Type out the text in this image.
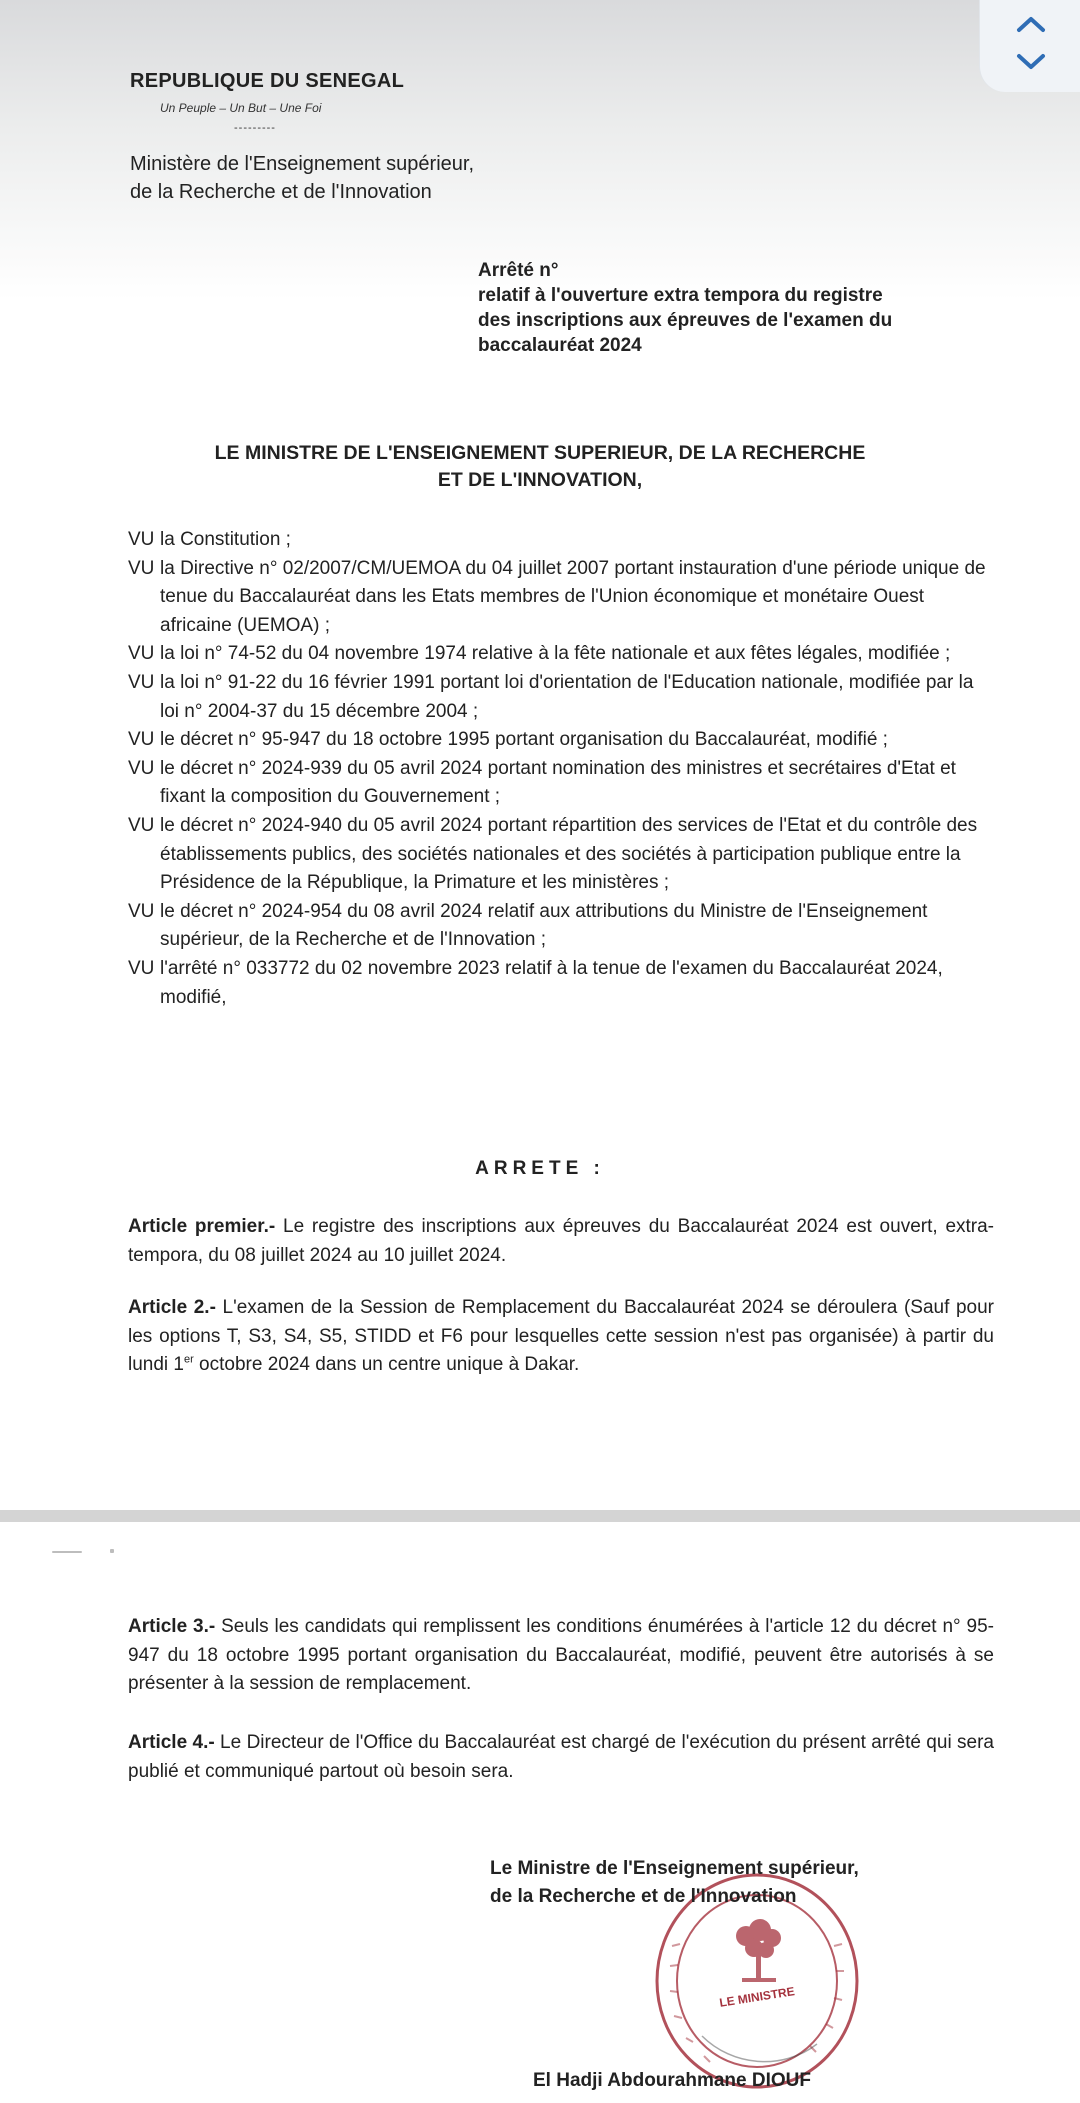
REPUBLIQUE DU SENEGAL
Un Peuple – Un But – Une Foi
---------
Ministère de l'Enseignement supérieur,
de la Recherche et de l'Innovation
Arrêté n°
relatif à l'ouverture extra tempora du registre
des inscriptions aux épreuves de l'examen du
baccalauréat 2024
LE MINISTRE DE L'ENSEIGNEMENT SUPERIEUR, DE LA RECHERCHE
ET DE L'INNOVATION,
VU la Constitution ;
VU la Directive n° 02/2007/CM/UEMOA du 04 juillet 2007 portant instauration d'une période unique de tenue du Baccalauréat dans les Etats membres de l'Union économique et monétaire Ouest africaine (UEMOA) ;
VU la loi n° 74-52 du 04 novembre 1974 relative à la fête nationale et aux fêtes légales, modifiée ;
VU la loi n° 91-22 du 16 février 1991 portant loi d'orientation de l'Education nationale, modifiée par la loi n° 2004-37 du 15 décembre 2004 ;
VU le décret n° 95-947 du 18 octobre 1995 portant organisation du Baccalauréat, modifié ;
VU le décret n° 2024-939 du 05 avril 2024 portant nomination des ministres et secrétaires d'Etat et fixant la composition du Gouvernement ;
VU le décret n° 2024-940 du 05 avril 2024 portant répartition des services de l'Etat et du contrôle des établissements publics, des sociétés nationales et des sociétés à participation publique entre la Présidence de la République, la Primature et les ministères ;
VU le décret n° 2024-954 du 08 avril 2024 relatif aux attributions du Ministre de l'Enseignement supérieur, de la Recherche et de l'Innovation ;
VU l'arrêté n° 033772 du 02 novembre 2023 relatif à la tenue de l'examen du Baccalauréat 2024, modifié,
ARRETE :
Article premier.- Le registre des inscriptions aux épreuves du Baccalauréat 2024 est ouvert, extra-tempora, du 08 juillet 2024 au 10 juillet 2024.
Article 2.- L'examen de la Session de Remplacement du Baccalauréat 2024 se déroulera (Sauf pour les options T, S3, S4, S5, STIDD et F6 pour lesquelles cette session n'est pas organisée) à partir du lundi 1er octobre 2024 dans un centre unique à Dakar.
Article 3.- Seuls les candidats qui remplissent les conditions énumérées à l'article 12 du décret n° 95-947 du 18 octobre 1995 portant organisation du Baccalauréat, modifié, peuvent être autorisés à se présenter à la session de remplacement.
Article 4.- Le Directeur de l'Office du Baccalauréat est chargé de l'exécution du présent arrêté qui sera publié et communiqué partout où besoin sera.
LE MINISTRE
Le Ministre de l'Enseignement supérieur,
de la Recherche et de l'Innovation
El Hadji Abdourahmane DIOUF
